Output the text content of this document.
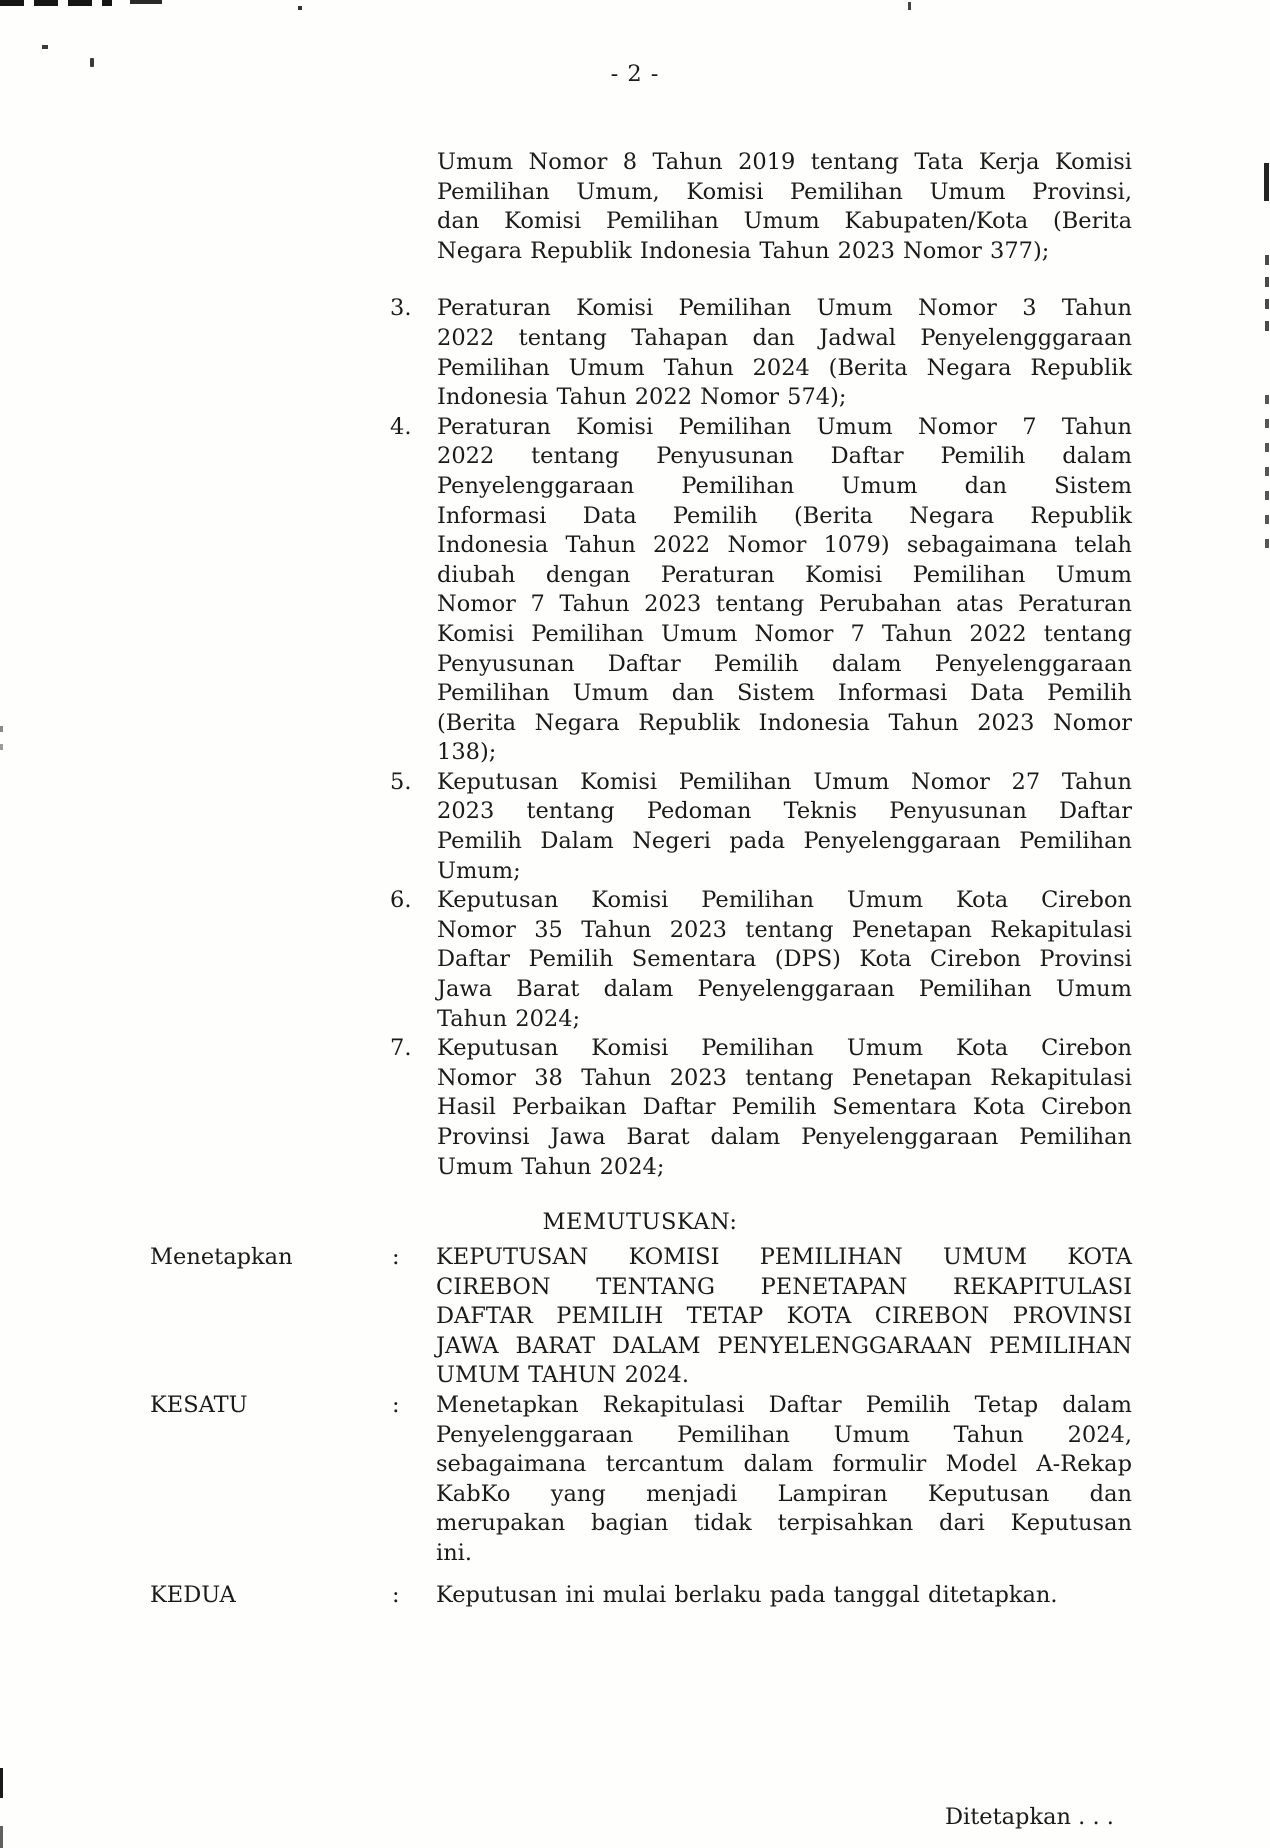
- 2 -
Umum Nomor 8 Tahun 2019 tentang Tata Kerja Komisi
Pemilihan Umum, Komisi Pemilihan Umum Provinsi,
dan Komisi Pemilihan Umum Kabupaten/Kota (Berita
Negara Republik Indonesia Tahun 2023 Nomor 377);
3.	Peraturan Komisi Pemilihan Umum Nomor 3 Tahun
2022 tentang Tahapan dan Jadwal Penyelengggaraan
Pemilihan Umum Tahun 2024 (Berita Negara Republik
Indonesia Tahun 2022 Nomor 574);
4.	Peraturan Komisi Pemilihan Umum Nomor 7 Tahun
2022 tentang Penyusunan Daftar Pemilih dalam
Penyelenggaraan Pemilihan Umum dan Sistem
Informasi Data Pemilih (Berita Negara Republik
Indonesia Tahun 2022 Nomor 1079) sebagaimana telah
diubah dengan Peraturan Komisi Pemilihan Umum
Nomor 7 Tahun 2023 tentang Perubahan atas Peraturan
Komisi Pemilihan Umum Nomor 7 Tahun 2022 tentang
Penyusunan Daftar Pemilih dalam Penyelenggaraan
Pemilihan Umum dan Sistem Informasi Data Pemilih
(Berita Negara Republik Indonesia Tahun 2023 Nomor
138);
5.	Keputusan Komisi Pemilihan Umum Nomor 27 Tahun
2023 tentang Pedoman Teknis Penyusunan Daftar
Pemilih Dalam Negeri pada Penyelenggaraan Pemilihan
Umum;
6.	Keputusan Komisi Pemilihan Umum Kota Cirebon
Nomor 35 Tahun 2023 tentang Penetapan Rekapitulasi
Daftar Pemilih Sementara (DPS) Kota Cirebon Provinsi
Jawa Barat dalam Penyelenggaraan Pemilihan Umum
Tahun 2024;
7.	Keputusan Komisi Pemilihan Umum Kota Cirebon
Nomor 38 Tahun 2023 tentang Penetapan Rekapitulasi
Hasil Perbaikan Daftar Pemilih Sementara Kota Cirebon
Provinsi Jawa Barat dalam Penyelenggaraan Pemilihan
Umum Tahun 2024;
MEMUTUSKAN:
Menetapkan	:	KEPUTUSAN KOMISI PEMILIHAN UMUM KOTA
CIREBON TENTANG PENETAPAN REKAPITULASI
DAFTAR PEMILIH TETAP KOTA CIREBON PROVINSI
JAWA BARAT DALAM PENYELENGGARAAN PEMILIHAN
UMUM TAHUN 2024.
KESATU	:	Menetapkan Rekapitulasi Daftar Pemilih Tetap dalam
Penyelenggaraan Pemilihan Umum Tahun 2024,
sebagaimana tercantum dalam formulir Model A-Rekap
KabKo yang menjadi Lampiran Keputusan dan
merupakan bagian tidak terpisahkan dari Keputusan
ini.
KEDUA	:	Keputusan ini mulai berlaku pada tanggal ditetapkan.
Ditetapkan . . .
